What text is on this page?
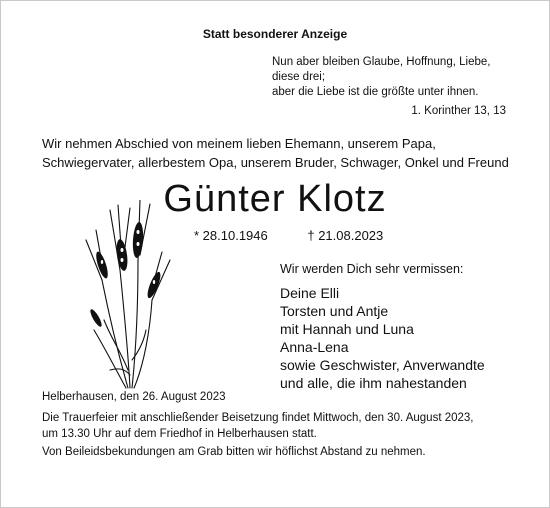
Statt besonderer Anzeige
Nun aber bleiben Glaube, Hoffnung, Liebe,
diese drei;
aber die Liebe ist die größte unter ihnen.
1. Korinther 13, 13
Wir nehmen Abschied von meinem lieben Ehemann, unserem Papa,
Schwiegervater, allerbestem Opa, unserem Bruder, Schwager, Onkel und Freund
Günter Klotz
* 28.10.1946	† 21.08.2023
Wir werden Dich sehr vermissen:
Deine Elli
Torsten und Antje
mit Hannah und Luna
Anna-Lena
sowie Geschwister, Anverwandte
und alle, die ihm nahestanden
Helberhausen, den 26. August 2023
Die Trauerfeier mit anschließender Beisetzung findet Mittwoch, den 30. August 2023,
um 13.30 Uhr auf dem Friedhof in Helberhausen statt.
Von Beileidsbekundungen am Grab bitten wir höflichst Abstand zu nehmen.
